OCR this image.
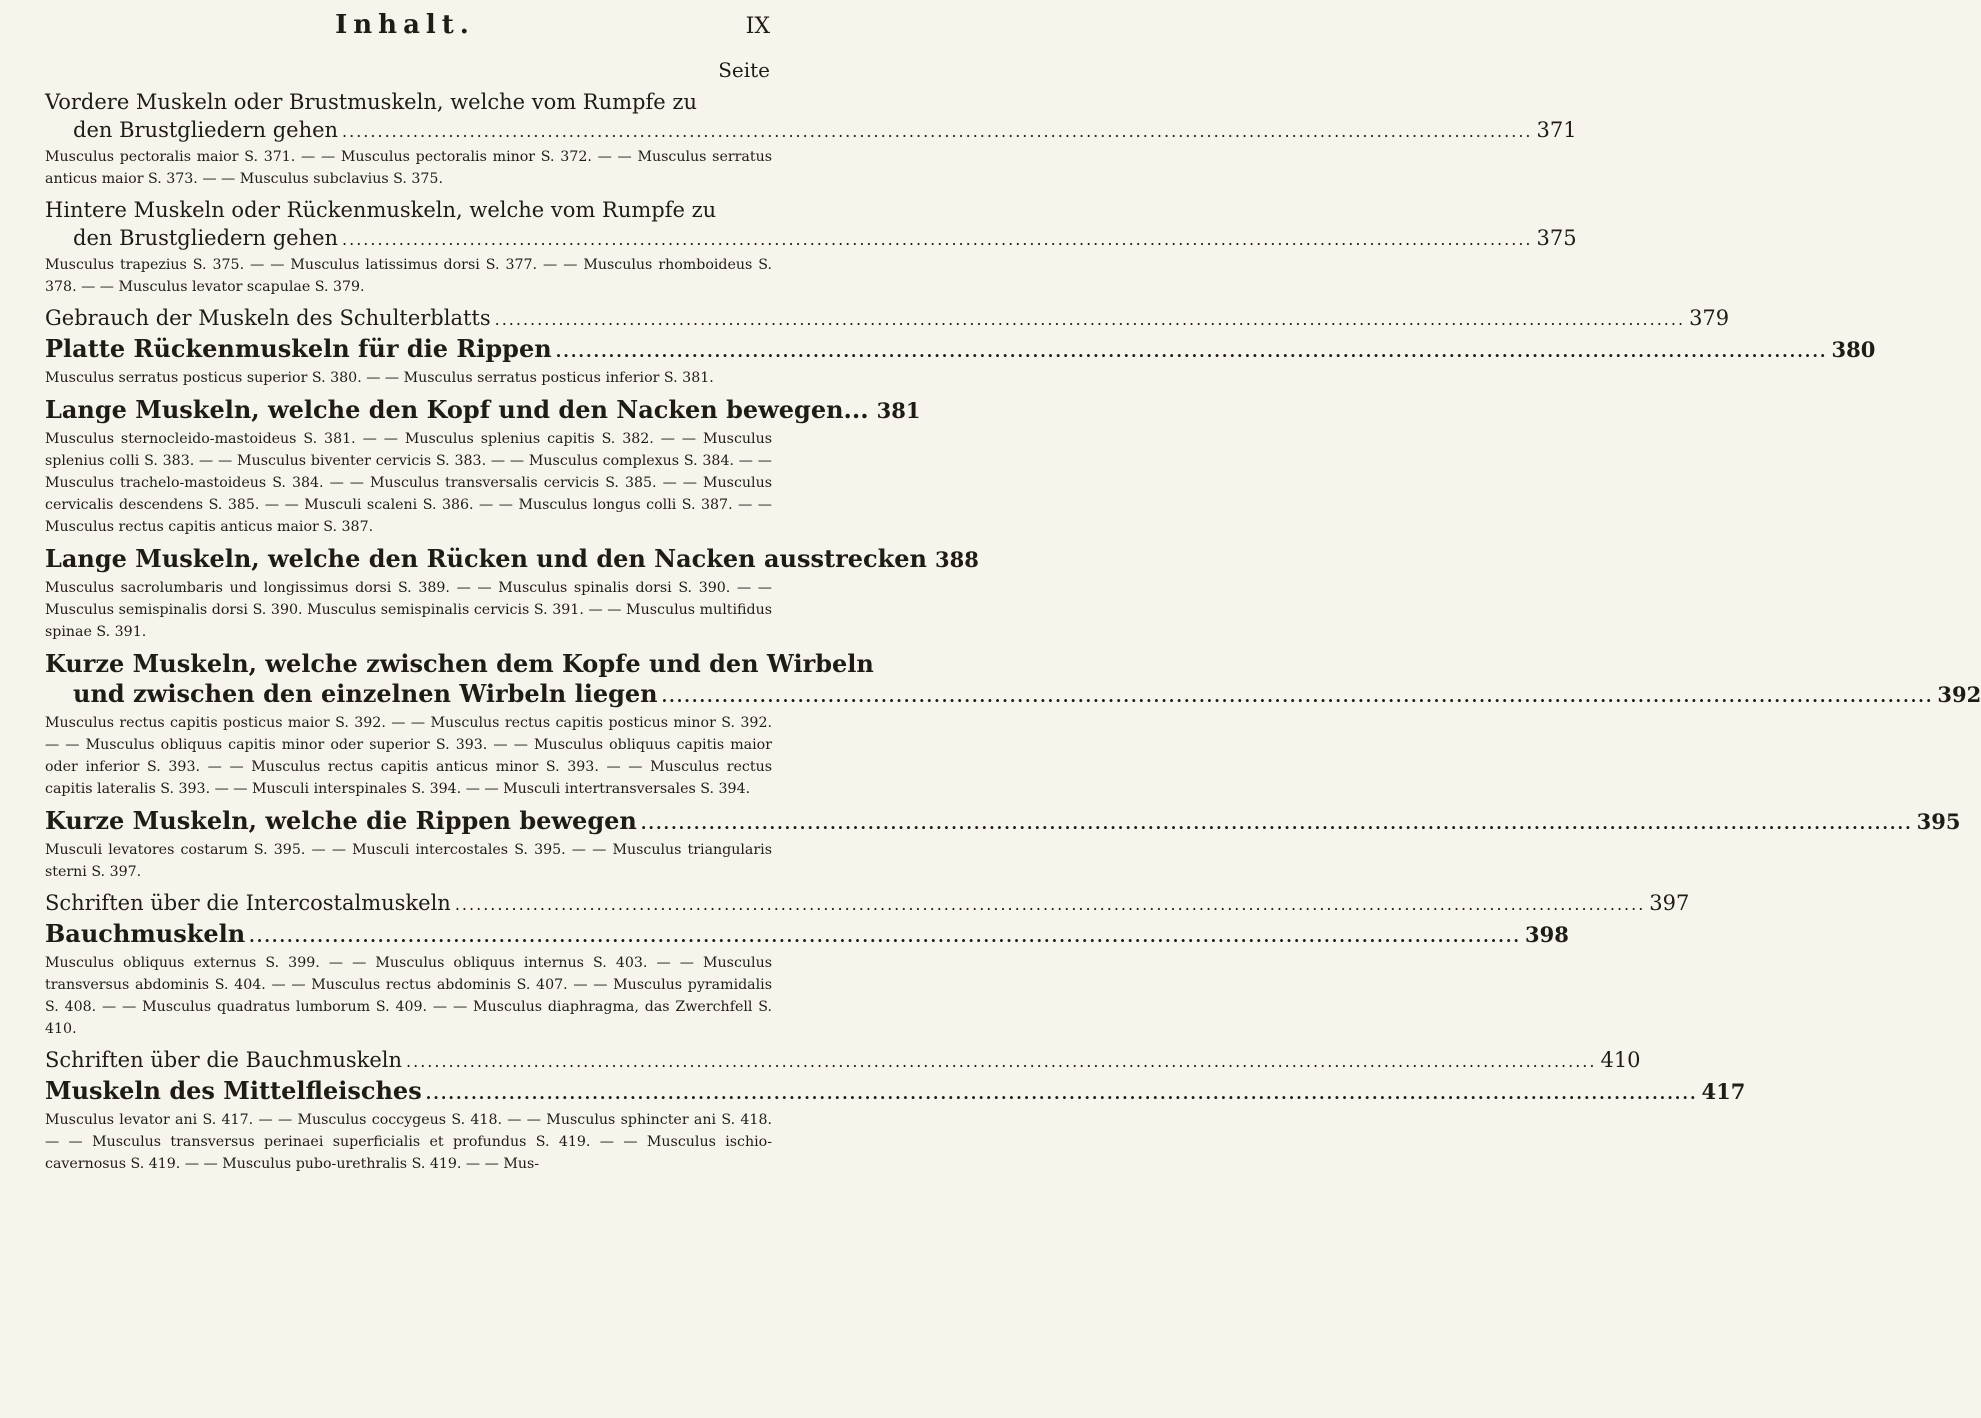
Inhalt.	IX
Seite
Vordere Muskeln oder Brustmuskeln, welche vom Rumpfe zu
den Brustgliedern gehen .....	371
Musculus pectoralis maior S. 371. — — Musculus pectoralis minor S. 372. — — Musculus serratus anticus maior S. 373. — — Musculus subclavius S. 375.
Hintere Muskeln oder Rückenmuskeln, welche vom Rumpfe zu
den Brustgliedern gehen .....	375
Musculus trapezius S. 375. — — Musculus latissimus dorsi S. 377. — — Musculus rhomboideus S. 378. — — Musculus levator scapulae S. 379.
Gebrauch der Muskeln des Schulterblatts .....	379
Platte Rückenmuskeln für die Rippen .....	380
Musculus serratus posticus superior S. 380. — — Musculus serratus posticus inferior S. 381.
Lange Muskeln, welche den Kopf und den Nacken bewegen... 381
Musculus sternocleido-mastoideus S. 381. — — Musculus splenius capitis S. 382. — — Musculus splenius colli S. 383. — — Musculus biventer cervicis S. 383. — — Musculus complexus S. 384. — — Musculus trachelo-mastoideus S. 384. — — Musculus transversalis cervicis S. 385. — — Musculus cervicalis descendens S. 385. — — Musculi scaleni S. 386. — — Musculus longus colli S. 387. — — Musculus rectus capitis anticus maior S. 387.
Lange Muskeln, welche den Rücken und den Nacken ausstrecken 388
Musculus sacrolumbaris und longissimus dorsi S. 389. — — Musculus spinalis dorsi S. 390. — — Musculus semispinalis dorsi S. 390. Musculus semispinalis cervicis S. 391. — — Musculus multifidus spinae S. 391.
Kurze Muskeln, welche zwischen dem Kopfe und den Wirbeln
und zwischen den einzelnen Wirbeln liegen .....	392
Musculus rectus capitis posticus maior S. 392. — — Musculus rectus capitis posticus minor S. 392. — — Musculus obliquus capitis minor oder superior S. 393. — — Musculus obliquus capitis maior oder inferior S. 393. — — Musculus rectus capitis anticus minor S. 393. — — Musculus rectus capitis lateralis S. 393. — — Musculi interspinales S. 394. — — Musculi intertransversales S. 394.
Kurze Muskeln, welche die Rippen bewegen .....	395
Musculi levatores costarum S. 395. — — Musculi intercostales S. 395. — — Musculus triangularis sterni S. 397.
Schriften über die Intercostalmuskeln .....	397
Bauchmuskeln .....	398
Musculus obliquus externus S. 399. — — Musculus obliquus internus S. 403. — — Musculus transversus abdominis S. 404. — — Musculus rectus abdominis S. 407. — — Musculus pyramidalis S. 408. — — Musculus quadratus lumborum S. 409. — — Musculus diaphragma, das Zwerchfell S. 410.
Schriften über die Bauchmuskeln .....	410
Muskeln des Mittelfleisches .....	417
Musculus levator ani S. 417. — — Musculus coccygeus S. 418. — — Musculus sphincter ani S. 418. — — Musculus transversus perinaei superficialis et profundus S. 419. — — Musculus ischio-cavernosus S. 419. — — Musculus pubo-urethralis S. 419. — — Mus-
